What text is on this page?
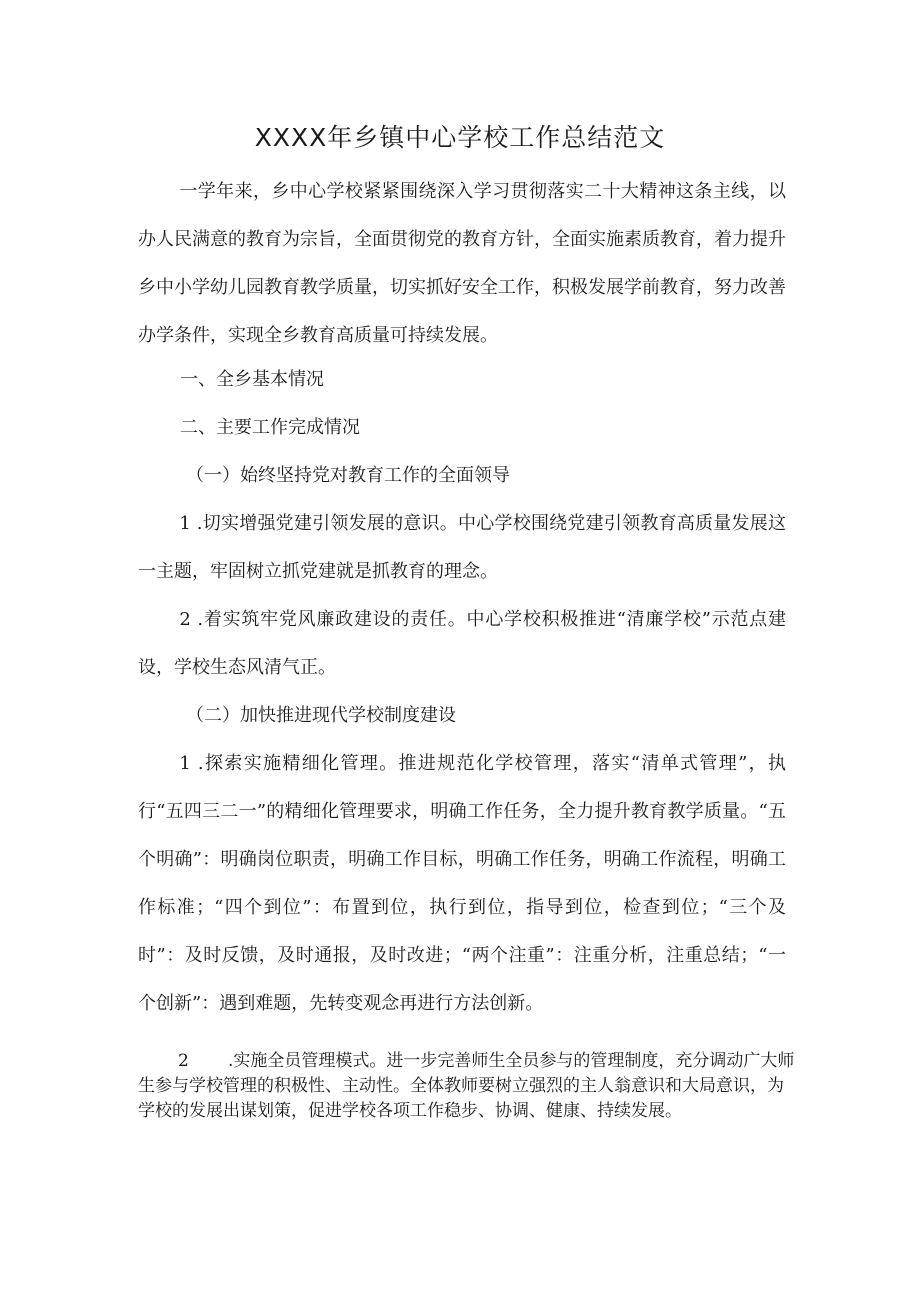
XXXX年乡镇中心学校工作总结范文

一学年来，乡中心学校紧紧围绕深入学习贯彻落实二十大精神这条主线，以办人民满意的教育为宗旨，全面贯彻党的教育方针，全面实施素质教育，着力提升乡中小学幼儿园教育教学质量，切实抓好安全工作，积极发展学前教育，努力改善办学条件，实现全乡教育高质量可持续发展。

一、全乡基本情况

二、主要工作完成情况

（一）始终坚持党对教育工作的全面领导

1 .切实增强党建引领发展的意识。中心学校围绕党建引领教育高质量发展这一主题，牢固树立抓党建就是抓教育的理念。

2 .着实筑牢党风廉政建设的责任。中心学校积极推进“清廉学校”示范点建设，学校生态风清气正。

（二）加快推进现代学校制度建设

1 .探索实施精细化管理。推进规范化学校管理，落实“清单式管理”，执行“五四三二一”的精细化管理要求，明确工作任务，全力提升教育教学质量。“五个明确”：明确岗位职责，明确工作目标，明确工作任务，明确工作流程，明确工作标准；“四个到位”：布置到位，执行到位，指导到位，检查到位；“三个及时”：及时反馈，及时通报，及时改进；“两个注重”：注重分析，注重总结；“一个创新”：遇到难题，先转变观念再进行方法创新。

2 .实施全员管理模式。进一步完善师生全员参与的管理制度，充分调动广大师生参与学校管理的积极性、主动性。全体教师要树立强烈的主人翁意识和大局意识，为学校的发展出谋划策，促进学校各项工作稳步、协调、健康、持续发展。
